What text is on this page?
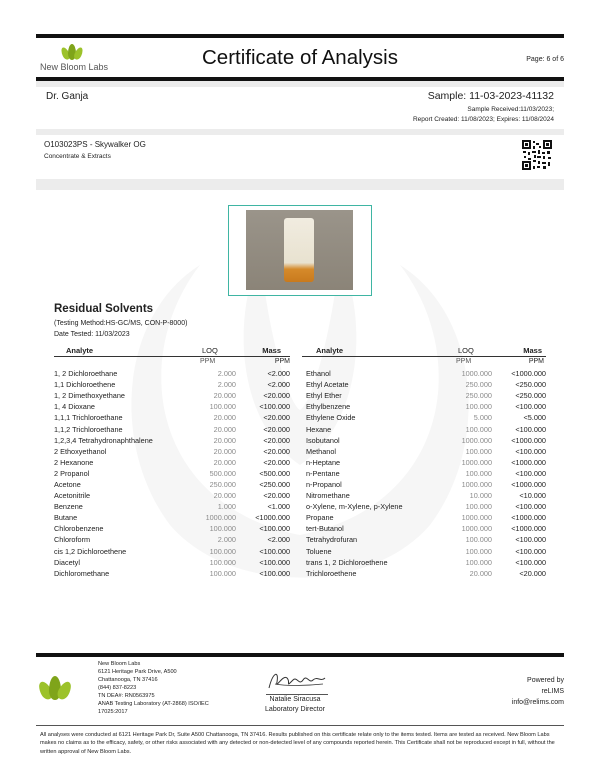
New Bloom Labs	Certificate of Analysis	Page: 6 of 6
Dr. Ganja	Sample: 11-03-2023-41132
Sample Received:11/03/2023;
Report Created: 11/08/2023; Expires: 11/08/2024
O103023PS - Skywalker OG
Concentrate & Extracts
Residual Solvents
(Testing Method:HS-GC/MS, CON-P-8000)
Date Tested: 11/03/2023
Analyte	LOQ	Mass
PPM	PPM
1, 2 Dichloroethane	2.000	<2.000
1,1 Dichloroethene	2.000	<2.000
1, 2 Dimethoxyethane	20.000	<20.000
1, 4 Dioxane	100.000	<100.000
1,1,1 Trichloroethane	20.000	<20.000
1,1,2 Trichloroethane	20.000	<20.000
1,2,3,4 Tetrahydronaphthalene	20.000	<20.000
2 Ethoxyethanol	20.000	<20.000
2 Hexanone	20.000	<20.000
2 Propanol	500.000	<500.000
Acetone	250.000	<250.000
Acetonitrile	20.000	<20.000
Benzene	1.000	<1.000
Butane	1000.000	<1000.000
Chlorobenzene	100.000	<100.000
Chloroform	2.000	<2.000
cis 1,2 Dichloroethene	100.000	<100.000
Diacetyl	100.000	<100.000
Dichloromethane	100.000	<100.000
Analyte	LOQ	Mass
PPM	PPM
Ethanol	1000.000	<1000.000
Ethyl Acetate	250.000	<250.000
Ethyl Ether	250.000	<250.000
Ethylbenzene	100.000	<100.000
Ethylene Oxide	5.000	<5.000
Hexane	100.000	<100.000
Isobutanol	1000.000	<1000.000
Methanol	100.000	<100.000
n-Heptane	1000.000	<1000.000
n-Pentane	100.000	<100.000
n-Propanol	1000.000	<1000.000
Nitromethane	10.000	<10.000
o-Xylene, m-Xylene, p-Xylene	100.000	<100.000
Propane	1000.000	<1000.000
tert-Butanol	1000.000	<1000.000
Tetrahydrofuran	100.000	<100.000
Toluene	100.000	<100.000
trans 1, 2 Dichloroethene	100.000	<100.000
Trichloroethene	20.000	<20.000
New Bloom Labs
6121 Heritage Park Drive, A500
Chattanooga, TN 37416
(844) 837-8223
TN DEA#: RN0563975
ANAB Testing Laboratory (AT-2868) ISO/IEC
17025:2017
Natalie Siracusa
Laboratory Director
Powered by
reLIMS
info@relims.com
All analyses were conducted at 6121 Heritage Park Dr, Suite A500 Chattanooga, TN 37416. Results published on this certificate relate only to the items tested. Items are tested as received. New Bloom Labs makes no claims as to the efficacy, safety, or other risks associated with any detected or non-detected level of any compounds reported herein. This Certificate shall not be reproduced except in full, without the written approval of New Bloom Labs.
